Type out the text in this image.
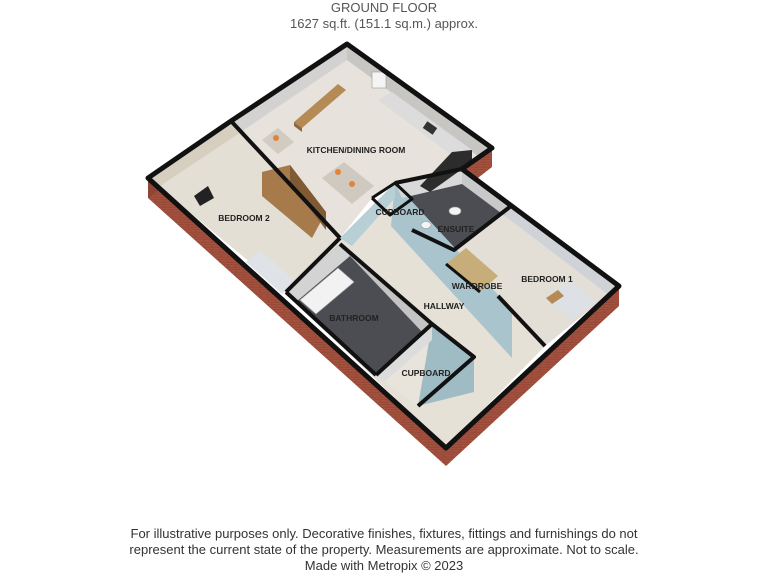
GROUND FLOOR
1627 sq.ft. (151.1 sq.m.) approx.
KITCHEN/DINING ROOM
BEDROOM 2
CUPBOARD
ENSUITE
WARDROBE
BEDROOM 1
HALLWAY
BATHROOM
CUPBOARD
For illustrative purposes only. Decorative finishes, fixtures, fittings and furnishings do not
represent the current state of the property. Measurements are approximate. Not to scale.
Made with Metropix © 2023
